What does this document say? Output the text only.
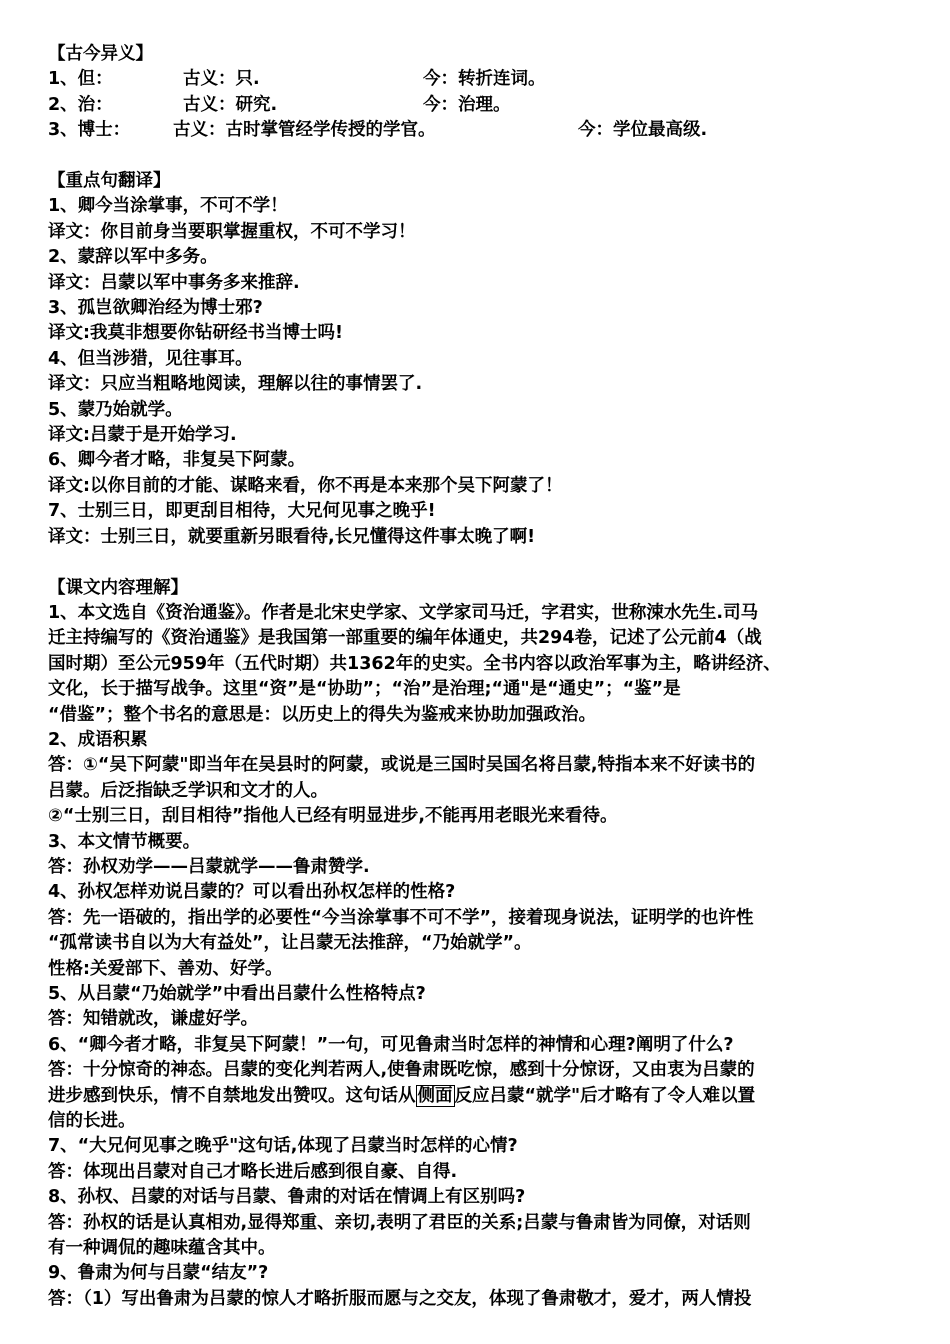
【古今异义】
1、但：	古义：只.	今：转折连词。
2、治：	古义：研究.	今：治理。
3、博士：	古义：古时掌管经学传授的学官。	今：学位最高级.
【重点句翻译】
1、卿今当涂掌事，不可不学！
译文：你目前身当要职掌握重权，不可不学习！
2、蒙辞以军中多务。
译文：吕蒙以军中事务多来推辞.
3、孤岂欲卿治经为博士邪?
译文:我莫非想要你钻研经书当博士吗!
4、但当涉猎，见往事耳。
译文：只应当粗略地阅读，理解以往的事情罢了.
5、蒙乃始就学。
译文:吕蒙于是开始学习.
6、卿今者才略，非复吴下阿蒙。
译文:以你目前的才能、谋略来看，你不再是本来那个吴下阿蒙了！
7、士别三日，即更刮目相待，大兄何见事之晚乎!
译文：士别三日，就要重新另眼看待,长兄懂得这件事太晚了啊!
【课文内容理解】
1、本文选自《资治通鉴》。作者是北宋史学家、文学家司马迁，字君实，世称涑水先生.司马
迁主持编写的《资治通鉴》是我国第一部重要的编年体通史，共294卷，记述了公元前4（战
国时期）至公元959年（五代时期）共1362年的史实。全书内容以政治军事为主，略讲经济、
文化，长于描写战争。这里“资”是“协助”；“治”是治理;“通"是“通史”；“鉴”是
“借鉴”；整个书名的意思是：以历史上的得失为鉴戒来协助加强政治。
2、成语积累
答：①“吴下阿蒙"即当年在吴县时的阿蒙，或说是三国时吴国名将吕蒙,特指本来不好读书的
吕蒙。后泛指缺乏学识和文才的人。
②“士别三日，刮目相待”指他人已经有明显进步,不能再用老眼光来看待。
3、本文情节概要。
答：孙权劝学——吕蒙就学——鲁肃赞学.
4、孙权怎样劝说吕蒙的？可以看出孙权怎样的性格?
答：先一语破的，指出学的必要性“今当涂掌事不可不学”，接着现身说法，证明学的也许性
“孤常读书自以为大有益处”，让吕蒙无法推辞，“乃始就学”。
性格:关爱部下、善劝、好学。
5、从吕蒙“乃始就学”中看出吕蒙什么性格特点?
答：知错就改，谦虚好学。
6、“卿今者才略，非复吴下阿蒙！”一句，可见鲁肃当时怎样的神情和心理?阐明了什么?
答：十分惊奇的神态。吕蒙的变化判若两人,使鲁肃既吃惊，感到十分惊讶，又由衷为吕蒙的
进步感到快乐，情不自禁地发出赞叹。这句话从 侧面 反应吕蒙“就学"后才略有了令人难以置
信的长进。
7、“大兄何见事之晚乎"这句话,体现了吕蒙当时怎样的心情?
答：体现出吕蒙对自己才略长进后感到很自豪、自得.
8、孙权、吕蒙的对话与吕蒙、鲁肃的对话在情调上有区别吗?
答：孙权的话是认真相劝,显得郑重、亲切,表明了君臣的关系;吕蒙与鲁肃皆为同僚，对话则
有一种调侃的趣味蕴含其中。
9、鲁肃为何与吕蒙“结友”?
答：（1）写出鲁肃为吕蒙的惊人才略折服而愿与之交友，体现了鲁肃敬才，爱才，两人情投
